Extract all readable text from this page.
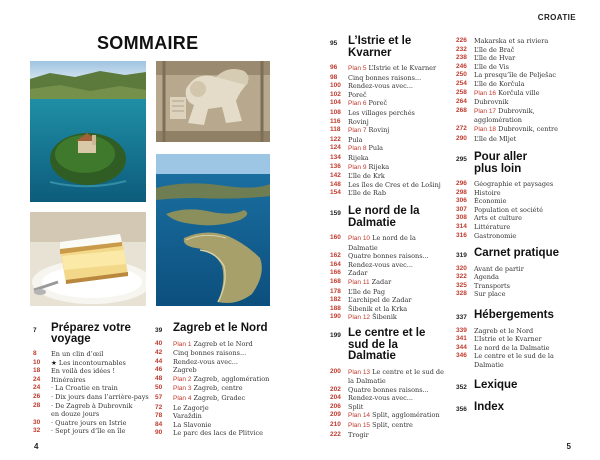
CROATIE
SOMMAIRE
7	Préparez votre voyage
8	En un clin d’œil
10	★ Les incontournables
18	En voilà des idées !
24	Itinéraires
24	· La Croatie en train
26	· Dix jours dans l’arrière-pays
28	· De Zagreb à Dubrovnik
en douze jours
30	· Quatre jours en Istrie
32	· Sept jours d’île en île
39 Zagreb et le Nord
40	Plan 1 Zagreb et le Nord
42	Cinq bonnes raisons...
44	Rendez-vous avec...
46	Zagreb
48	Plan 2 Zagreb, agglomération
50	Plan 3 Zagreb, centre
57	Plan 4 Zagreb, Gradec
72	Le Zagorje
78	Varaždin
84	La Slavonie
90	Le parc des lacs de Plitvice
95 L’Istrie et le Kvarner
96	Plan 5 L’Istrie et le Kvarner
98	Cinq bonnes raisons...
100	Rendez-vous avec...
102	Poreč
104	Plan 6 Poreč
108	Les villages perchés
116	Rovinj
118	Plan 7 Rovinj
122	Pula
124	Plan 8 Pula
134	Rijeka
136	Plan 9 Rijeka
142	L’île de Krk
148	Les îles de Cres et de Lošinj
154	L’île de Rab
159 Le nord de la Dalmatie
160	Plan 10 Le nord de la Dalmatie
162	Quatre bonnes raisons...
164	Rendez-vous avec...
166	Zadar
168	Plan 11 Zadar
178	L’île de Pag
182	L’archipel de Zadar
188	Šibenik et la Krka
190	Plan 12 Šibenik
199 Le centre et le sud de la Dalmatie
200	Plan 13 Le centre et le sud de la Dalmatie
202	Quatre bonnes raisons...
204	Rendez-vous avec...
206	Split
209	Plan 14 Split, agglomération
210	Plan 15 Split, centre
222	Trogir
226	Makarska et sa riviera
232	L’île de Brač
238	L’île de Hvar
246	L’île de Vis
250	La presqu’île de Pelješac
254	L’île de Korčula
258	Plan 16 Korčula ville
264	Dubrovnik
268	Plan 17 Dubrovnik, agglomération
272	Plan 18 Dubrovnik, centre
290	L’île de Mljet
295 Pour aller plus loin
296	Géographie et paysages
298	Histoire
306	Économie
307	Population et société
308	Arts et culture
314	Littérature
316	Gastronomie
319 Carnet pratique
320	Avant de partir
322	Agenda
325	Transports
328	Sur place
337 Hébergements
339	Zagreb et le Nord
341	L’Istrie et le Kvarner
344	Le nord de la Dalmatie
346	Le centre et le sud de la Dalmatie
352 Lexique
356 Index
4	5
